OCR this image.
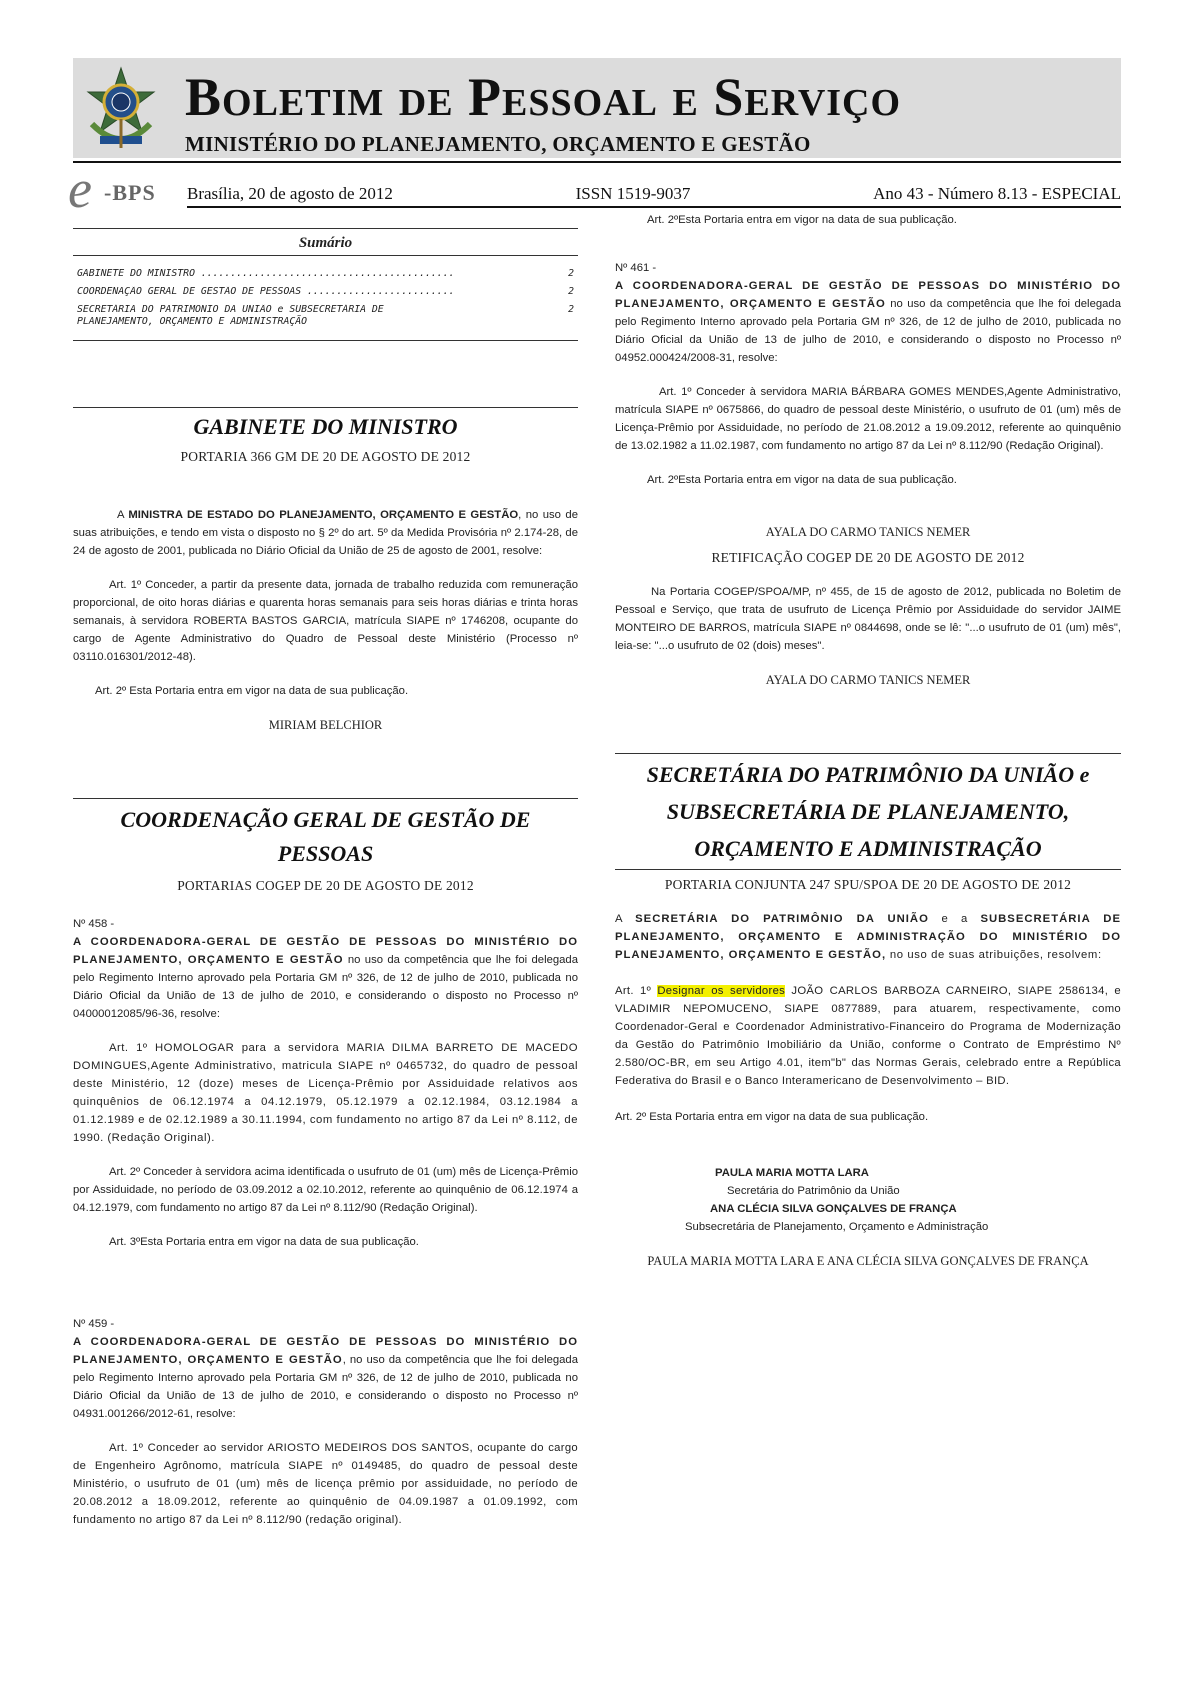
Boletim de Pessoal e Serviço
MINISTÉRIO DO PLANEJAMENTO, ORÇAMENTO E GESTÃO
e -BPS Brasília, 20 de agosto de 2012	ISSN 1519-9037	Ano 43 - Número 8.13 - ESPECIAL
Sumário
GABINETE DO MINISTRO ...........................................	2
COORDENAÇÃO GERAL DE GESTÃO DE PESSOAS .........................	2
SECRETÁRIA DO PATRIMÔNIO DA UNIÃO e SUBSECRETÁRIA DE
PLANEJAMENTO, ORÇAMENTO E ADMINISTRAÇÃO
2
GABINETE DO MINISTRO

PORTARIA 366 GM DE 20 DE AGOSTO DE 2012

A MINISTRA DE ESTADO DO PLANEJAMENTO, ORÇAMENTO E GESTÃO, no uso de suas atribuições, e tendo em vista o disposto no § 2º do art. 5º da Medida Provisória nº 2.174-28, de 24 de agosto de 2001, publicada no Diário Oficial da União de 25 de agosto de 2001, resolve:

Art. 1º Conceder, a partir da presente data, jornada de trabalho reduzida com remuneração proporcional, de oito horas diárias e quarenta horas semanais para seis horas diárias e trinta horas semanais, à servidora ROBERTA BASTOS GARCIA, matrícula SIAPE nº 1746208, ocupante do cargo de Agente Administrativo do Quadro de Pessoal deste Ministério (Processo nº 03110.016301/2012-48).

Art. 2º Esta Portaria entra em vigor na data de sua publicação.

MIRIAM BELCHIOR

COORDENAÇÃO GERAL DE GESTÃO DE
PESSOAS

PORTARIAS COGEP DE 20 DE AGOSTO DE 2012

Nº 458 -

A COORDENADORA-GERAL DE GESTÃO DE PESSOAS DO MINISTÉRIO DO PLANEJAMENTO, ORÇAMENTO E GESTÃO no uso da competência que lhe foi delegada pelo Regimento Interno aprovado pela Portaria GM nº 326, de 12 de julho de 2010, publicada no Diário Oficial da União de 13 de julho de 2010, e considerando o disposto no Processo nº 04000012085/96-36, resolve:

Art. 1º HOMOLOGAR para a servidora MARIA DILMA BARRETO DE MACEDO DOMINGUES,Agente Administrativo, matricula SIAPE nº 0465732, do quadro de pessoal deste Ministério, 12 (doze) meses de Licença-Prêmio por Assiduidade relativos aos quinquênios de 06.12.1974 a 04.12.1979, 05.12.1979 a 02.12.1984, 03.12.1984 a 01.12.1989 e de 02.12.1989 a 30.11.1994, com fundamento no artigo 87 da Lei nº 8.112, de 1990. (Redação Original).

Art. 2º Conceder à servidora acima identificada o usufruto de 01 (um) mês de Licença-Prêmio por Assiduidade, no período de 03.09.2012 a 02.10.2012, referente ao quinquênio de 06.12.1974 a 04.12.1979, com fundamento no artigo 87 da Lei nº 8.112/90 (Redação Original).

Art. 3ºEsta Portaria entra em vigor na data de sua publicação.

Nº 459 -

A COORDENADORA-GERAL DE GESTÃO DE PESSOAS DO MINISTÉRIO DO PLANEJAMENTO, ORÇAMENTO E GESTÃO, no uso da competência que lhe foi delegada pelo Regimento Interno aprovado pela Portaria GM nº 326, de 12 de julho de 2010, publicada no Diário Oficial da União de 13 de julho de 2010, e considerando o disposto no Processo nº 04931.001266/2012-61, resolve:

Art. 1º Conceder ao servidor ARIOSTO MEDEIROS DOS SANTOS, ocupante do cargo de Engenheiro Agrônomo, matrícula SIAPE nº 0149485, do quadro de pessoal deste Ministério, o usufruto de 01 (um) mês de licença prêmio por assiduidade, no período de 20.08.2012 a 18.09.2012, referente ao quinquênio de 04.09.1987 a 01.09.1992, com fundamento no artigo 87 da Lei nº 8.112/90 (redação original).

Art. 2ºEsta Portaria entra em vigor na data de sua publicação.

Nº 461 -

A COORDENADORA-GERAL DE GESTÃO DE PESSOAS DO MINISTÉRIO DO PLANEJAMENTO, ORÇAMENTO E GESTÃO no uso da competência que lhe foi delegada pelo Regimento Interno aprovado pela Portaria GM nº 326, de 12 de julho de 2010, publicada no Diário Oficial da União de 13 de julho de 2010, e considerando o disposto no Processo nº 04952.000424/2008-31, resolve:

Art. 1º Conceder à servidora MARIA BÁRBARA GOMES MENDES,Agente Administrativo, matrícula SIAPE nº 0675866, do quadro de pessoal deste Ministério, o usufruto de 01 (um) mês de Licença-Prêmio por Assiduidade, no período de 21.08.2012 a 19.09.2012, referente ao quinquênio de 13.02.1982 a 11.02.1987, com fundamento no artigo 87 da Lei nº 8.112/90 (Redação Original).

Art. 2ºEsta Portaria entra em vigor na data de sua publicação.

AYALA DO CARMO TANICS NEMER

RETIFICAÇÃO COGEP DE 20 DE AGOSTO DE 2012

Na Portaria COGEP/SPOA/MP, nº 455, de 15 de agosto de 2012, publicada no Boletim de Pessoal e Serviço, que trata de usufruto de Licença Prêmio por Assiduidade do servidor JAIME MONTEIRO DE BARROS, matrícula SIAPE nº 0844698, onde se lê: "...o usufruto de 01 (um) mês", leia-se: "...o usufruto de 02 (dois) meses".

AYALA DO CARMO TANICS NEMER

SECRETÁRIA DO PATRIMÔNIO DA UNIÃO e
SUBSECRETÁRIA DE PLANEJAMENTO,
ORÇAMENTO E ADMINISTRAÇÃO

PORTARIA CONJUNTA 247 SPU/SPOA DE 20 DE AGOSTO DE 2012

A SECRETÁRIA DO PATRIMÔNIO DA UNIÃO e a SUBSECRETÁRIA DE PLANEJAMENTO, ORÇAMENTO E ADMINISTRAÇÃO DO MINISTÉRIO DO PLANEJAMENTO, ORÇAMENTO E GESTÃO, no uso de suas atribuições, resolvem:

Art. 1º Designar os servidores JOÃO CARLOS BARBOZA CARNEIRO, SIAPE 2586134, e VLADIMIR NEPOMUCENO, SIAPE 0877889, para atuarem, respectivamente, como Coordenador-Geral e Coordenador Administrativo-Financeiro do Programa de Modernização da Gestão do Patrimônio Imobiliário da União, conforme o Contrato de Empréstimo Nº 2.580/OC-BR, em seu Artigo 4.01, item"b" das Normas Gerais, celebrado entre a República Federativa do Brasil e o Banco Interamericano de Desenvolvimento – BID.

Art. 2º Esta Portaria entra em vigor na data de sua publicação.

PAULA MARIA MOTTA LARA

Secretária do Patrimônio da União

ANA CLÉCIA SILVA GONÇALVES DE FRANÇA

Subsecretária de Planejamento, Orçamento e Administração

PAULA MARIA MOTTA LARA E ANA CLÉCIA SILVA GONÇALVES DE FRANÇA
